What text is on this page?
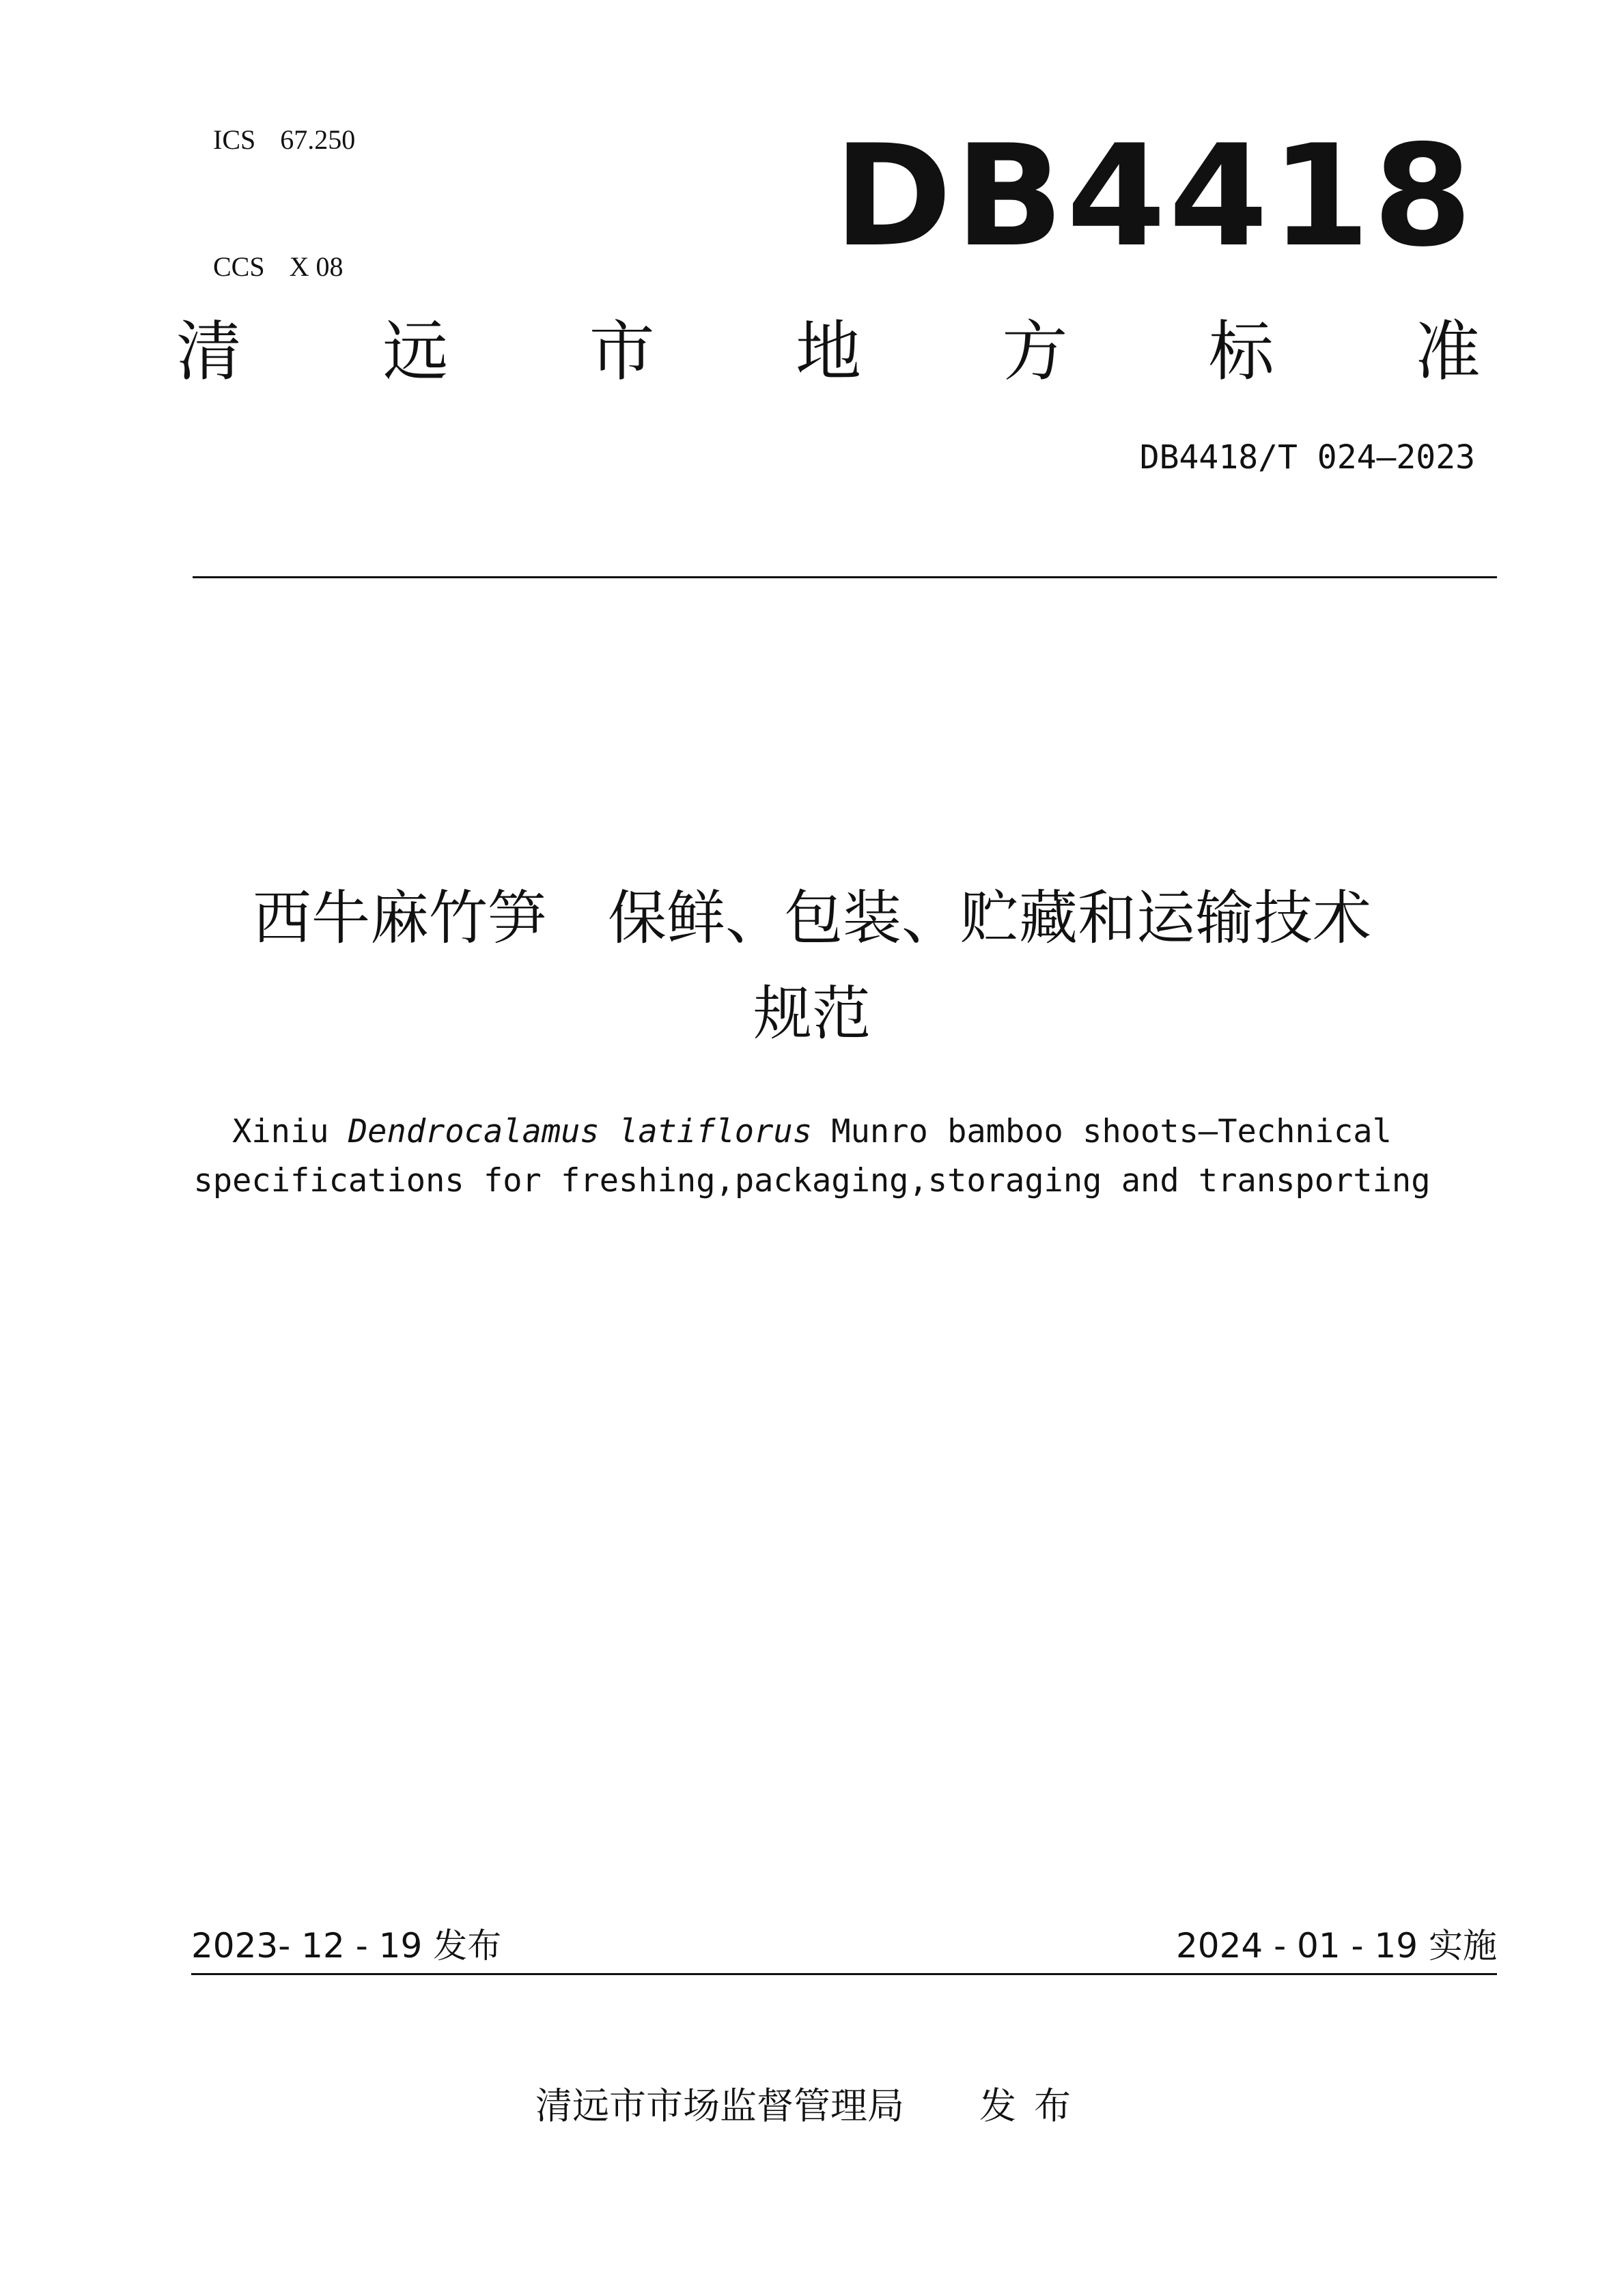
ICS 67.250

CCS X 08
	DB4418
清 远 市 地 方 标 准
DB4418/T 024—2023
西牛麻竹笋 保鲜、包装、贮藏和运输技术
规范
Xiniu Dendrocalamus latiflorus Munro bamboo shoots—Technical
specifications for freshing,packaging,storaging and transporting
2023- 12 - 19 发布	2024 - 01 - 19 实施
清远市市场监督管理局 发布
